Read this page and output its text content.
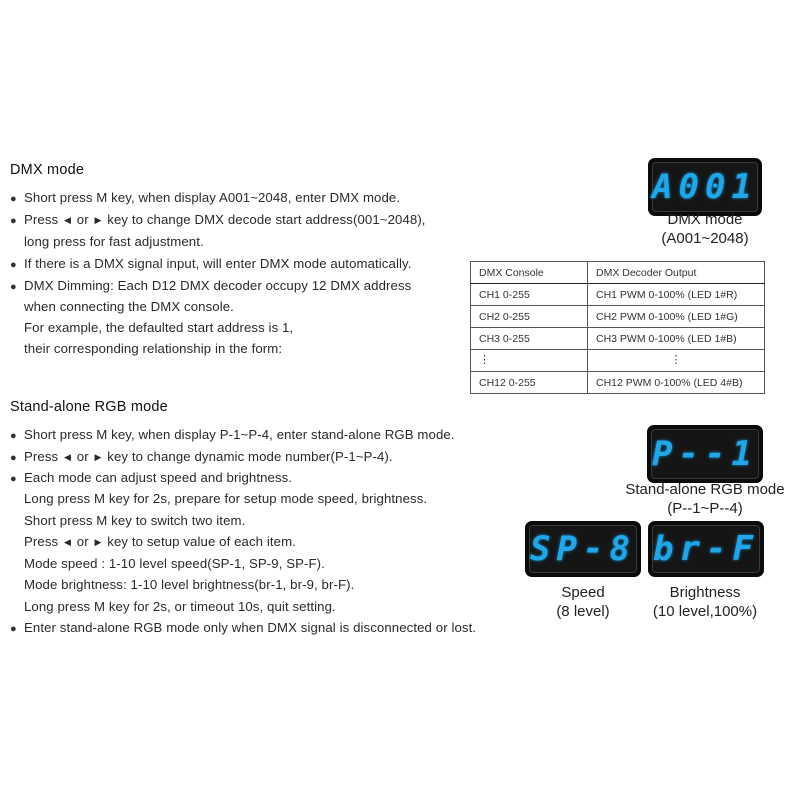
DMX mode
● Short press M key, when display A001~2048, enter DMX mode.
● Press ◀ or ▶ key to change DMX decode start address(001~2048),
long press for fast adjustment.
● If there is a DMX signal input, will enter DMX mode automatically.
● DMX Dimming: Each D12 DMX decoder occupy 12 DMX address
when connecting the DMX console.
For example, the defaulted start address is 1,
their corresponding relationship in the form:
A001
DMX mode
(A001~2048)
DMX Console	DMX Decoder Output
CH1 0-255	CH1 PWM 0-100% (LED 1#R)
CH2 0-255	CH2 PWM 0-100% (LED 1#G)
CH3 0-255	CH3 PWM 0-100% (LED 1#B)
⋮	⋮
CH12 0-255	CH12 PWM 0-100% (LED 4#B)
Stand-alone RGB mode
● Short press M key, when display P-1~P-4, enter stand-alone RGB mode.
● Press ◀ or ▶ key to change dynamic mode number(P-1~P-4).
● Each mode can adjust speed and brightness.
Long press M key for 2s, prepare for setup mode speed, brightness.
Short press M key to switch two item.
Press ◀ or ▶ key to setup value of each item.
Mode speed : 1-10 level speed(SP-1, SP-9, SP-F).
Mode brightness: 1-10 level brightness(br-1, br-9, br-F).
Long press M key for 2s, or timeout 10s, quit setting.
● Enter stand-alone RGB mode only when DMX signal is disconnected or lost.
P--1
Stand-alone RGB mode
(P--1~P--4)
SP-8
Speed
(8 level)
br-F
Brightness
(10 level,100%)
